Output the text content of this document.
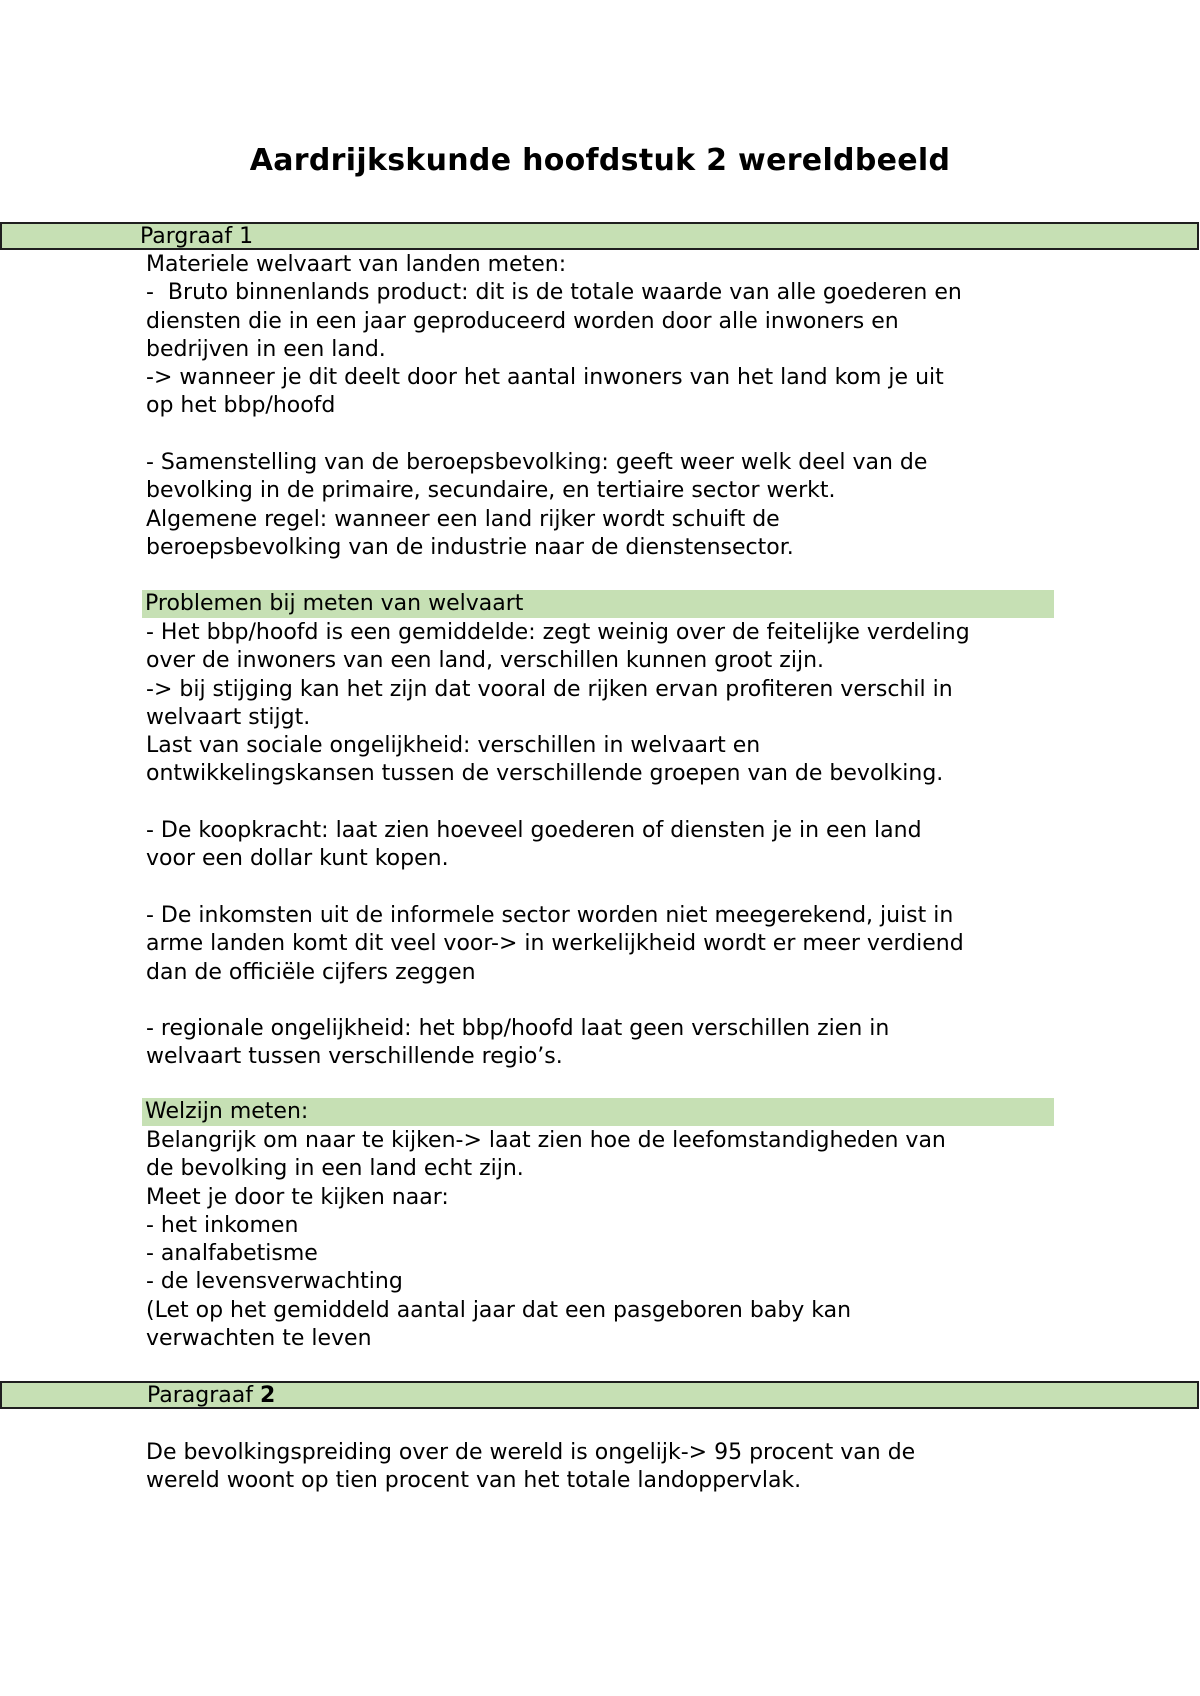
Aardrijkskunde hoofdstuk 2 wereldbeeld
Pargraaf 1
Materiele welvaart van landen meten:
-  Bruto binnenlands product: dit is de totale waarde van alle goederen en
diensten die in een jaar geproduceerd worden door alle inwoners en
bedrijven in een land.
-> wanneer je dit deelt door het aantal inwoners van het land kom je uit
op het bbp/hoofd
- Samenstelling van de beroepsbevolking: geeft weer welk deel van de
bevolking in de primaire, secundaire, en tertiaire sector werkt.
Algemene regel: wanneer een land rijker wordt schuift de
beroepsbevolking van de industrie naar de dienstensector.
Problemen bij meten van welvaart
- Het bbp/hoofd is een gemiddelde: zegt weinig over de feitelijke verdeling
over de inwoners van een land, verschillen kunnen groot zijn.
-> bij stijging kan het zijn dat vooral de rijken ervan profiteren verschil in
welvaart stijgt.
Last van sociale ongelijkheid: verschillen in welvaart en
ontwikkelingskansen tussen de verschillende groepen van de bevolking.
- De koopkracht: laat zien hoeveel goederen of diensten je in een land
voor een dollar kunt kopen.
- De inkomsten uit de informele sector worden niet meegerekend, juist in
arme landen komt dit veel voor-> in werkelijkheid wordt er meer verdiend
dan de officiële cijfers zeggen
- regionale ongelijkheid: het bbp/hoofd laat geen verschillen zien in
welvaart tussen verschillende regio’s.
Welzijn meten:
Belangrijk om naar te kijken-> laat zien hoe de leefomstandigheden van
de bevolking in een land echt zijn.
Meet je door te kijken naar:
- het inkomen
- analfabetisme
- de levensverwachting
(Let op het gemiddeld aantal jaar dat een pasgeboren baby kan
verwachten te leven
Paragraaf 2
De bevolkingspreiding over de wereld is ongelijk-> 95 procent van de
wereld woont op tien procent van het totale landoppervlak.
